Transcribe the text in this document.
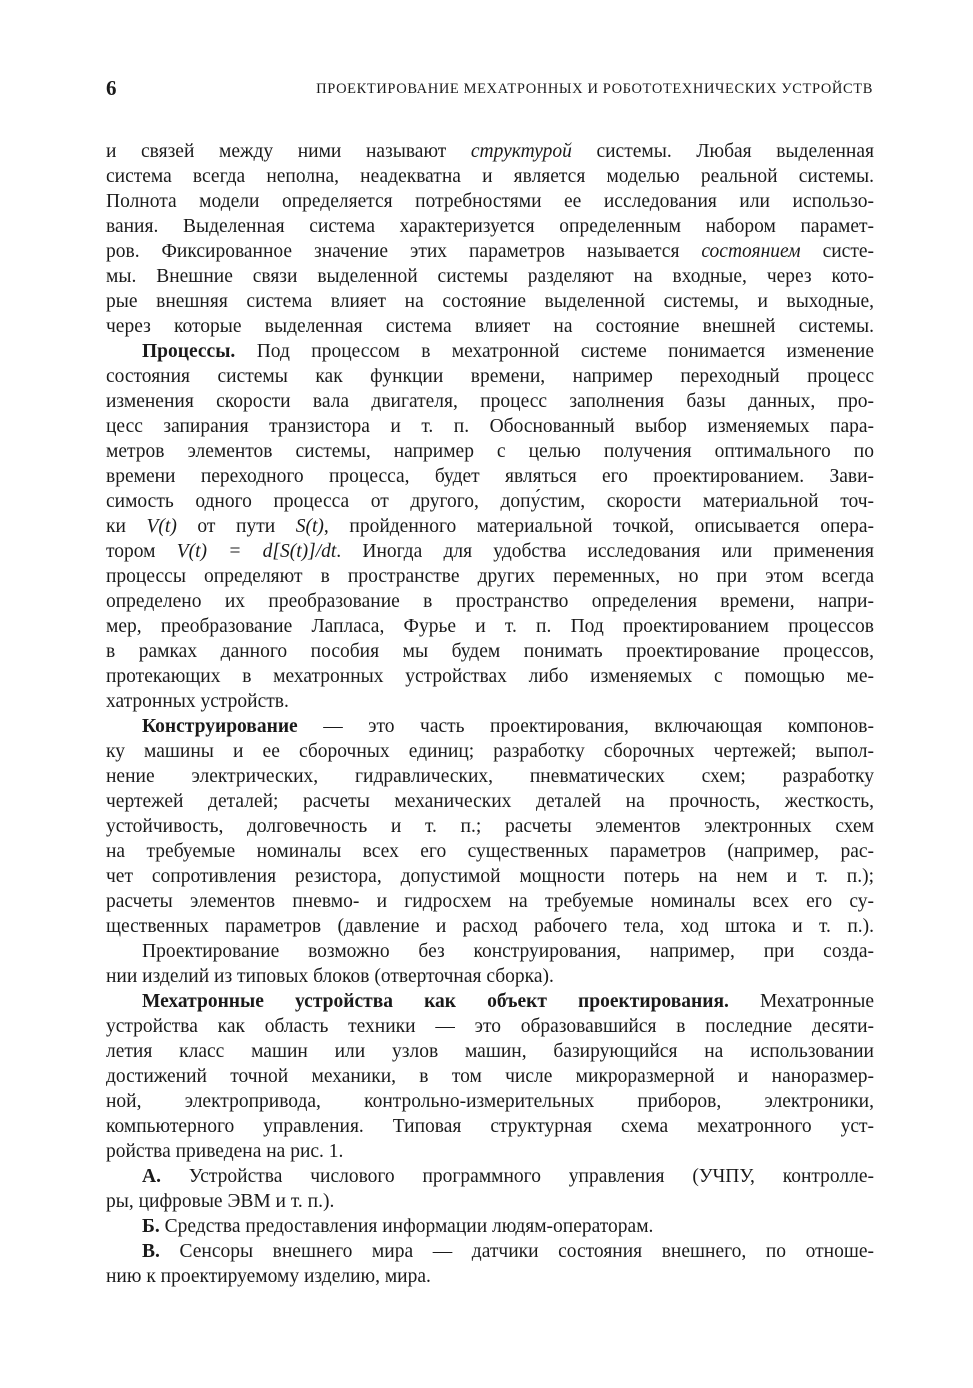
6	ПРОЕКТИРОВАНИЕ МЕХАТРОННЫХ И РОБОТОТЕХНИЧЕСКИХ УСТРОЙСТВ
и связей между ними называют структурой системы. Любая выделенная
система всегда неполна, неадекватна и является моделью реальной системы.
Полнота модели определяется потребностями ее исследования или использо-
вания. Выделенная система характеризуется определенным набором парамет-
ров. Фиксированное значение этих параметров называется состоянием систе-
мы. Внешние связи выделенной системы разделяют на входные, через кото-
рые внешняя система влияет на состояние выделенной системы, и выходные,
через которые выделенная система влияет на состояние внешней системы.
Процессы. Под процессом в мехатронной системе понимается изменение
состояния системы как функции времени, например переходный процесс
изменения скорости вала двигателя, процесс заполнения базы данных, про-
цесс запирания транзистора и т. п. Обоснованный выбор изменяемых пара-
метров элементов системы, например с целью получения оптимального по
времени переходного процесса, будет являться его проектированием. Зави-
симость одного процесса от другого, допу́стим, скорости материальной точ-
ки V(t) от пути S(t), пройденного материальной точкой, описывается опера-
тором V(t) = d[S(t)]/dt. Иногда для удобства исследования или применения
процессы определяют в пространстве других переменных, но при этом всегда
определено их преобразование в пространство определения времени, напри-
мер, преобразование Лапласа, Фурье и т. п. Под проектированием процессов
в рамках данного пособия мы будем понимать проектирование процессов,
протекающих в мехатронных устройствах либо изменяемых с помощью ме-
хатронных устройств.
Конструирование — это часть проектирования, включающая компонов-
ку машины и ее сборочных единиц; разработку сборочных чертежей; выпол-
нение электрических, гидравлических, пневматических схем; разработку
чертежей деталей; расчеты механических деталей на прочность, жесткость,
устойчивость, долговечность и т. п.; расчеты элементов электронных схем
на требуемые номиналы всех его существенных параметров (например, рас-
чет сопротивления резистора, допустимой мощности потерь на нем и т. п.);
расчеты элементов пневмо- и гидросхем на требуемые номиналы всех его су-
щественных параметров (давление и расход рабочего тела, ход штока и т. п.).
Проектирование возможно без конструирования, например, при созда-
нии изделий из типовых блоков (отверточная сборка).
Мехатронные устройства как объект проектирования. Мехатронные
устройства как область техники — это образовавшийся в последние десяти-
летия класс машин или узлов машин, базирующийся на использовании
достижений точной механики, в том числе микроразмерной и наноразмер-
ной, электропривода, контрольно-измерительных приборов, электроники,
компьютерного управления. Типовая структурная схема мехатронного уст-
ройства приведена на рис. 1.
А. Устройства числового программного управления (УЧПУ, контролле-
ры, цифровые ЭВМ и т. п.).
Б. Средства предоставления информации людям-операторам.
В. Сенсоры внешнего мира — датчики состояния внешнего, по отноше-
нию к проектируемому изделию, мира.
